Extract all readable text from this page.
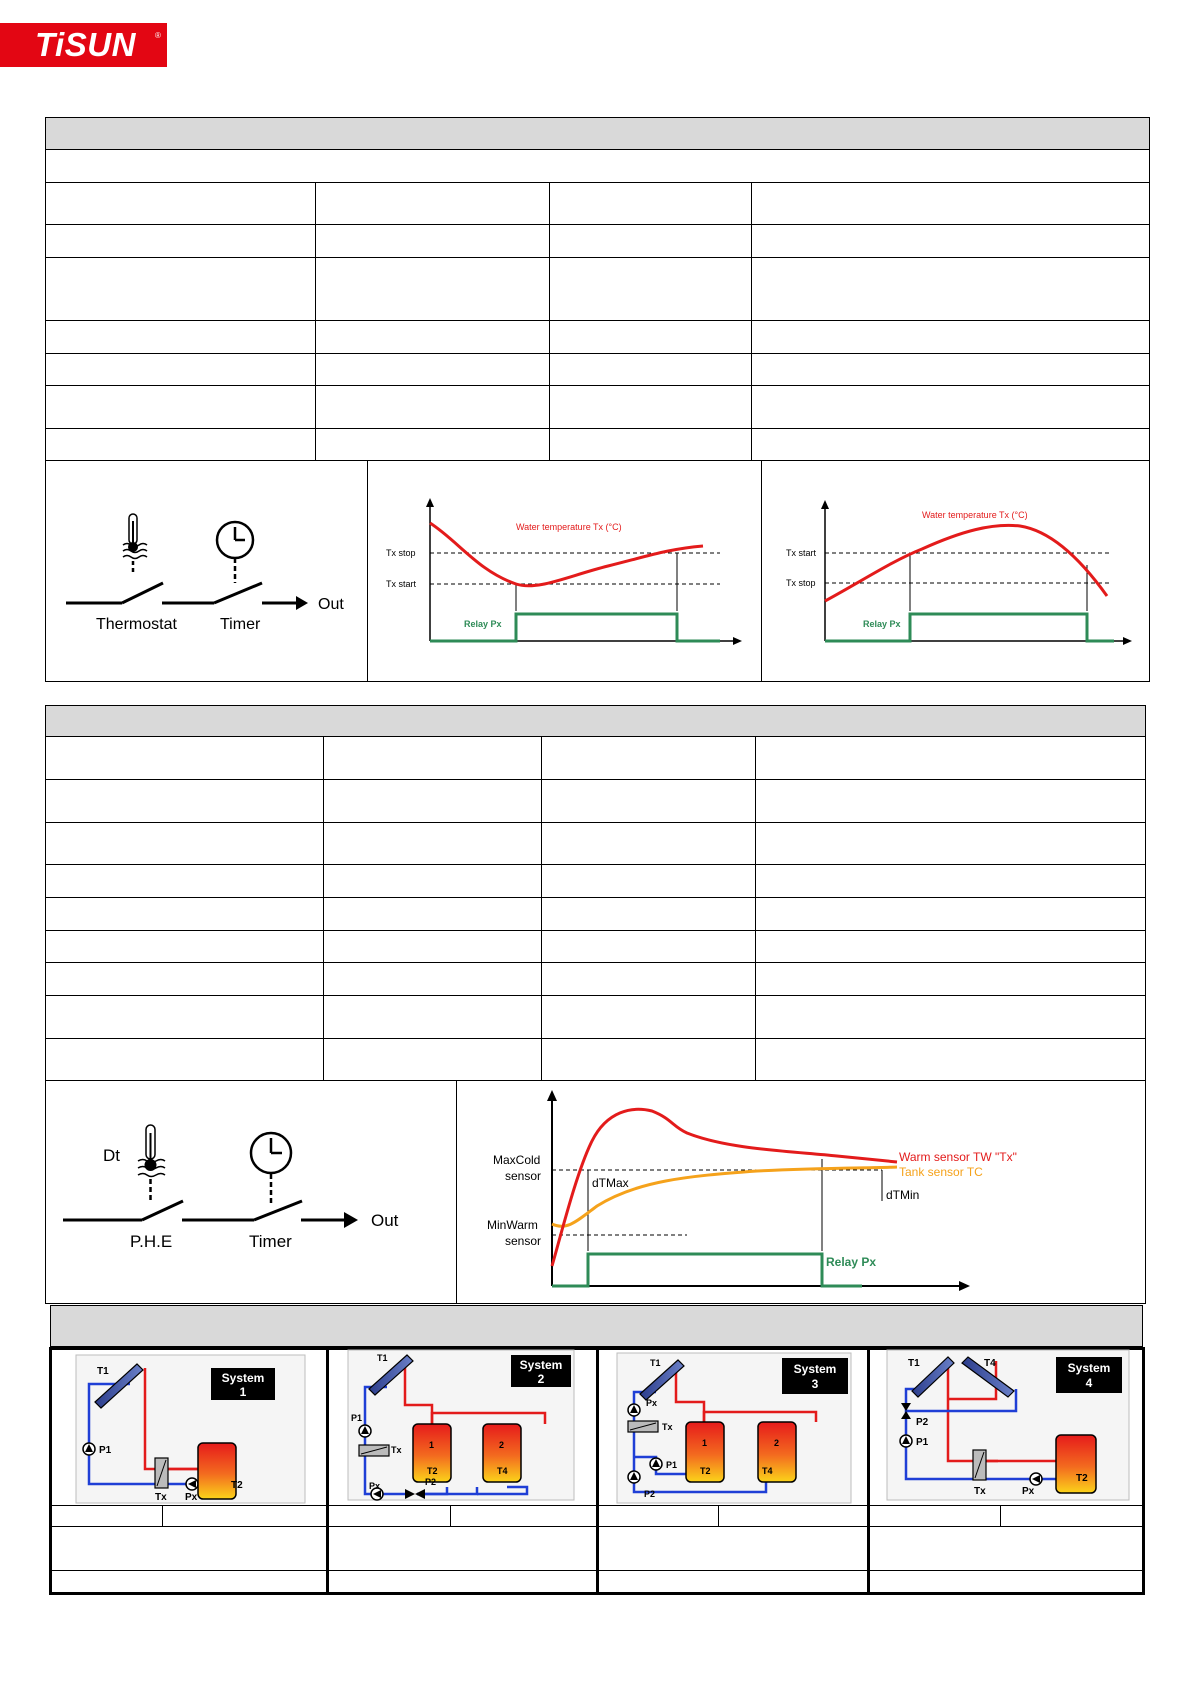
TiSUN ®
Thermostat	Timer
Out
Water temperature Tx (°C)
Tx stop
Tx start
Relay Px
Water temperature Tx (°C)
Tx start
Tx stop
Relay Px
Dt
P.H.E	Timer
Out
MaxCold
sensor
MinWarm
sensor
dTMax
dTMin
Warm sensor TW "Tx"
Tank sensor TC
Relay Px
System
1
T1
P1
Tx Px
T2
System
2
T1
P1
Tx
Px	P2
1	2
T2	T4
System
3
T1
Px
Tx
P1
P2
1	2
T2	T4
System
4
T1	T4
P2
P1
Tx	Px
T2
